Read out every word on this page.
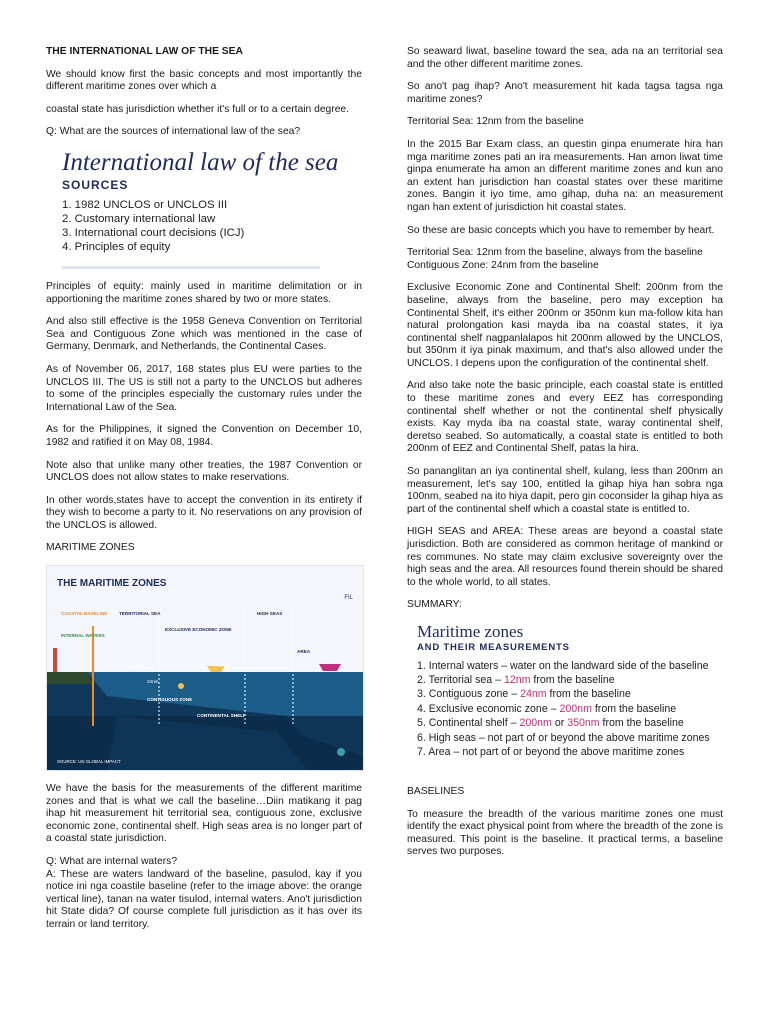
THE INTERNATIONAL LAW OF THE SEA

We should know first the basic concepts and most importantly the different maritime zones over which a

coastal state has jurisdiction whether it's full or to a certain degree.

Q: What are the sources of international law of the sea?

International law of the sea
SOURCES
1. 1982 UNCLOS or UNCLOS III
2. Customary international law
3. International court decisions (ICJ)
4. Principles of equity

Principles of equity: mainly used in maritime delimitation or in apportioning the maritime zones shared by two or more states.

And also still effective is the 1958 Geneva Convention on Territorial Sea and Contiguous Zone which was mentioned in the case of Germany, Denmark, and Netherlands, the Continental Cases.

As of November 06, 2017, 168 states plus EU were parties to the UNCLOS III. The US is still not a party to the UNCLOS but adheres to some of the principles especially the customary rules under the International Law of the Sea.

As for the Philippines, it signed the Convention on December 10, 1982 and ratified it on May 08, 1984.

Note also that unlike many other treaties, the 1987 Convention or UNCLOS does not allow states to make reservations.

In other words,states have to accept the convention in its entirety if they wish to become a party to it. No reservations on any provision of the UNCLOS is allowed.

MARITIME ZONES

THE MARITIME ZONES
FIL
COASTAL BASELINE
INTERNAL WATERS
TERRITORIAL SEA
EXCLUSIVE ECONOMIC ZONE
HIGH SEAS
AREA
12nm
24nm
200nm
CONTIGUOUS ZONE
CONTINENTAL SHELF
SOURCE: UN GLOBAL IMPACT

We have the basis for the measurements of the different maritime zones and that is what we call the baseline…Diin matikang it pag ihap hit measurement hit territorial sea, contiguous zone, exclusive economic zone, continental shelf. High seas area is no longer part of a coastal state jurisdiction.

Q: What are internal waters?

A: These are waters landward of the baseline, pasulod, kay if you notice ini nga coastile baseline (refer to the image above: the orange vertical line), tanan na water tisulod, internal waters. Ano't jurisdiction hit State dida? Of course complete full jurisdiction as it has over its terrain or land territory.

So seaward liwat, baseline toward the sea, ada na an territorial sea and the other different maritime zones.

So ano't pag ihap? Ano't measurement hit kada tagsa tagsa nga maritime zones?

Territorial Sea: 12nm from the baseline

In the 2015 Bar Exam class, an questin ginpa enumerate hira han mga maritime zones pati an ira measurements. Han amon liwat time ginpa enumerate ha amon an different maritime zones and kun ano an extent han jurisdiction han coastal states over these maritime zones. Bangin it iyo time, amo gihap, duha na: an measurement ngan han extent of jurisdiction hit coastal states.

So these are basic concepts which you have to remember by heart.

Territorial Sea: 12nm from the baseline, always from the baseline

Contiguous Zone: 24nm from the baseline

Exclusive Economic Zone and Continental Shelf: 200nm from the baseline, always from the baseline, pero may exception ha Continental Shelf, it's either 200nm or 350nm kun ma-follow kita han natural prolongation kasi mayda iba na coastal states, it iya continental shelf nagpanlalapos hit 200nm allowed by the UNCLOS, but 350nm it iya pinak maximum, and that's also allowed under the UNCLOS. I depens upon the configuration of the continental shelf.

And also take note the basic principle, each coastal state is entitled to these maritime zones and every EEZ has corresponding continental shelf whether or not the continental shelf physically exists. Kay myda iba na coastal state, waray continental shelf, deretso seabed. So automatically, a coastal state is entitled to both 200nm of EEZ and Continental Shelf, patas la hira.

So pananglitan an iya continental shelf, kulang, less than 200nm an measurement, let's say 100, entitled la gihap hiya han sobra nga 100nm, seabed na ito hiya dapit, pero gin coconsider la gihap hiya as part of the continental shelf which a coastal state is entitled to.

HIGH SEAS and AREA: These areas are beyond a coastal state jurisdiction. Both are considered as common heritage of mankind or res communes. No state may claim exclusive sovereignty over the high seas and the area. All resources found therein should be shared to the whole world, to all states.

SUMMARY:

Maritime zones
AND THEIR MEASUREMENTS
1. Internal waters – water on the landward side of the baseline
2. Territorial sea – 12nm from the baseline
3. Contiguous zone – 24nm from the baseline
4. Exclusive economic zone – 200nm from the baseline
5. Continental shelf – 200nm or 350nm from the baseline
6. High seas – not part of or beyond the above maritime zones
7. Area – not part of or beyond the above maritime zones

BASELINES

To measure the breadth of the various maritime zones one must identify the exact physical point from where the breadth of the zone is measured. This point is the baseline. It practical terms, a baseline serves two purposes.
